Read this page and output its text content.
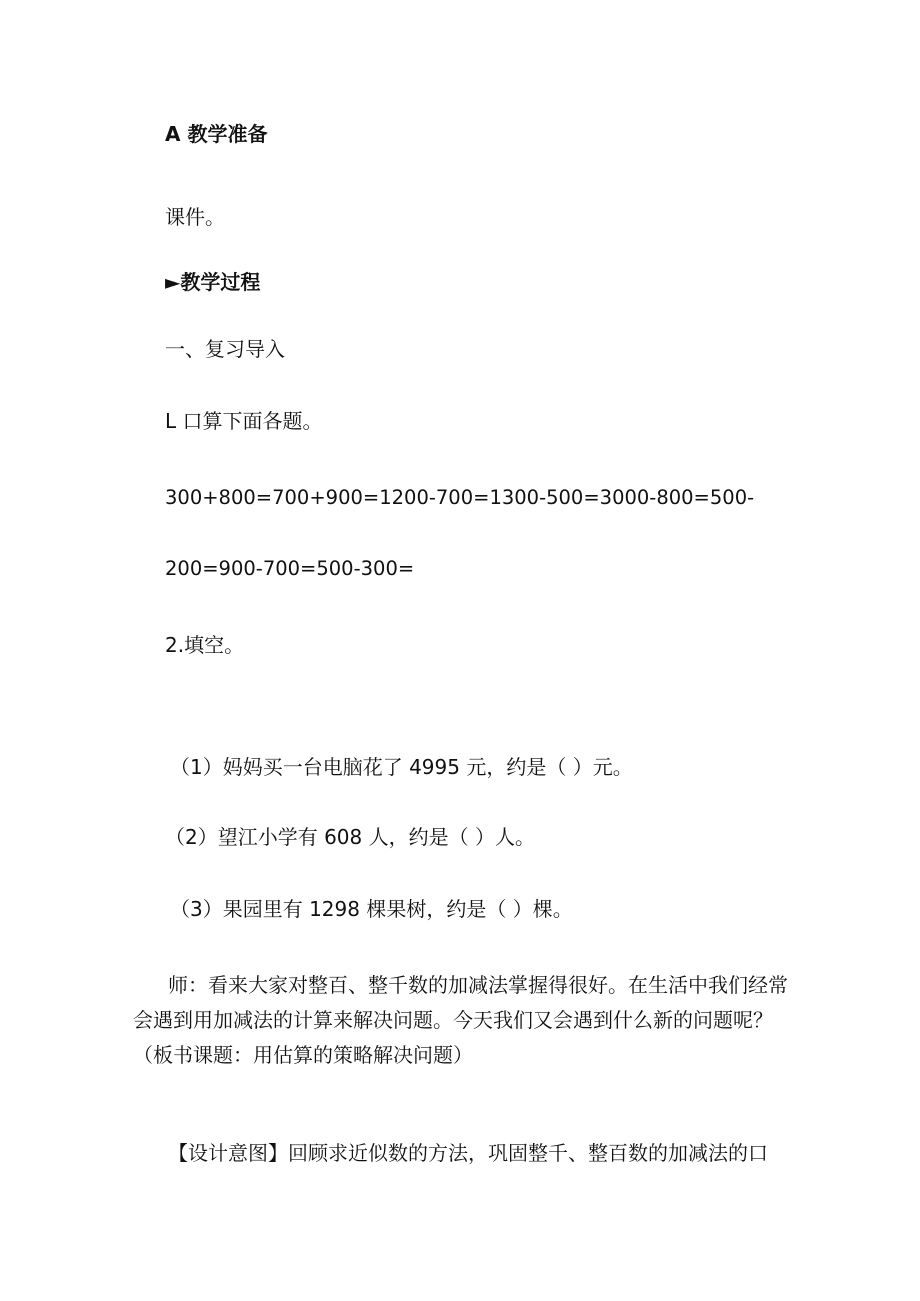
A 教学准备
课件。
►教学过程
一、复习导入
L 口算下面各题。
300+800=700+900=1200-700=1300-500=3000-800=500-
200=900-700=500-300=
2.填空。
（1）妈妈买一台电脑花了 4995 元，约是（ ）元。
（2）望江小学有 608 人，约是（ ）人。
（3）果园里有 1298 棵果树，约是（ ）棵。
师：看来大家对整百、整千数的加减法掌握得很好。在生活中我们经常会遇到用加减法的计算来解决问题。今天我们又会遇到什么新的问题呢？（板书课题：用估算的策略解决问题）
【设计意图】回顾求近似数的方法，巩固整千、整百数的加减法的口
